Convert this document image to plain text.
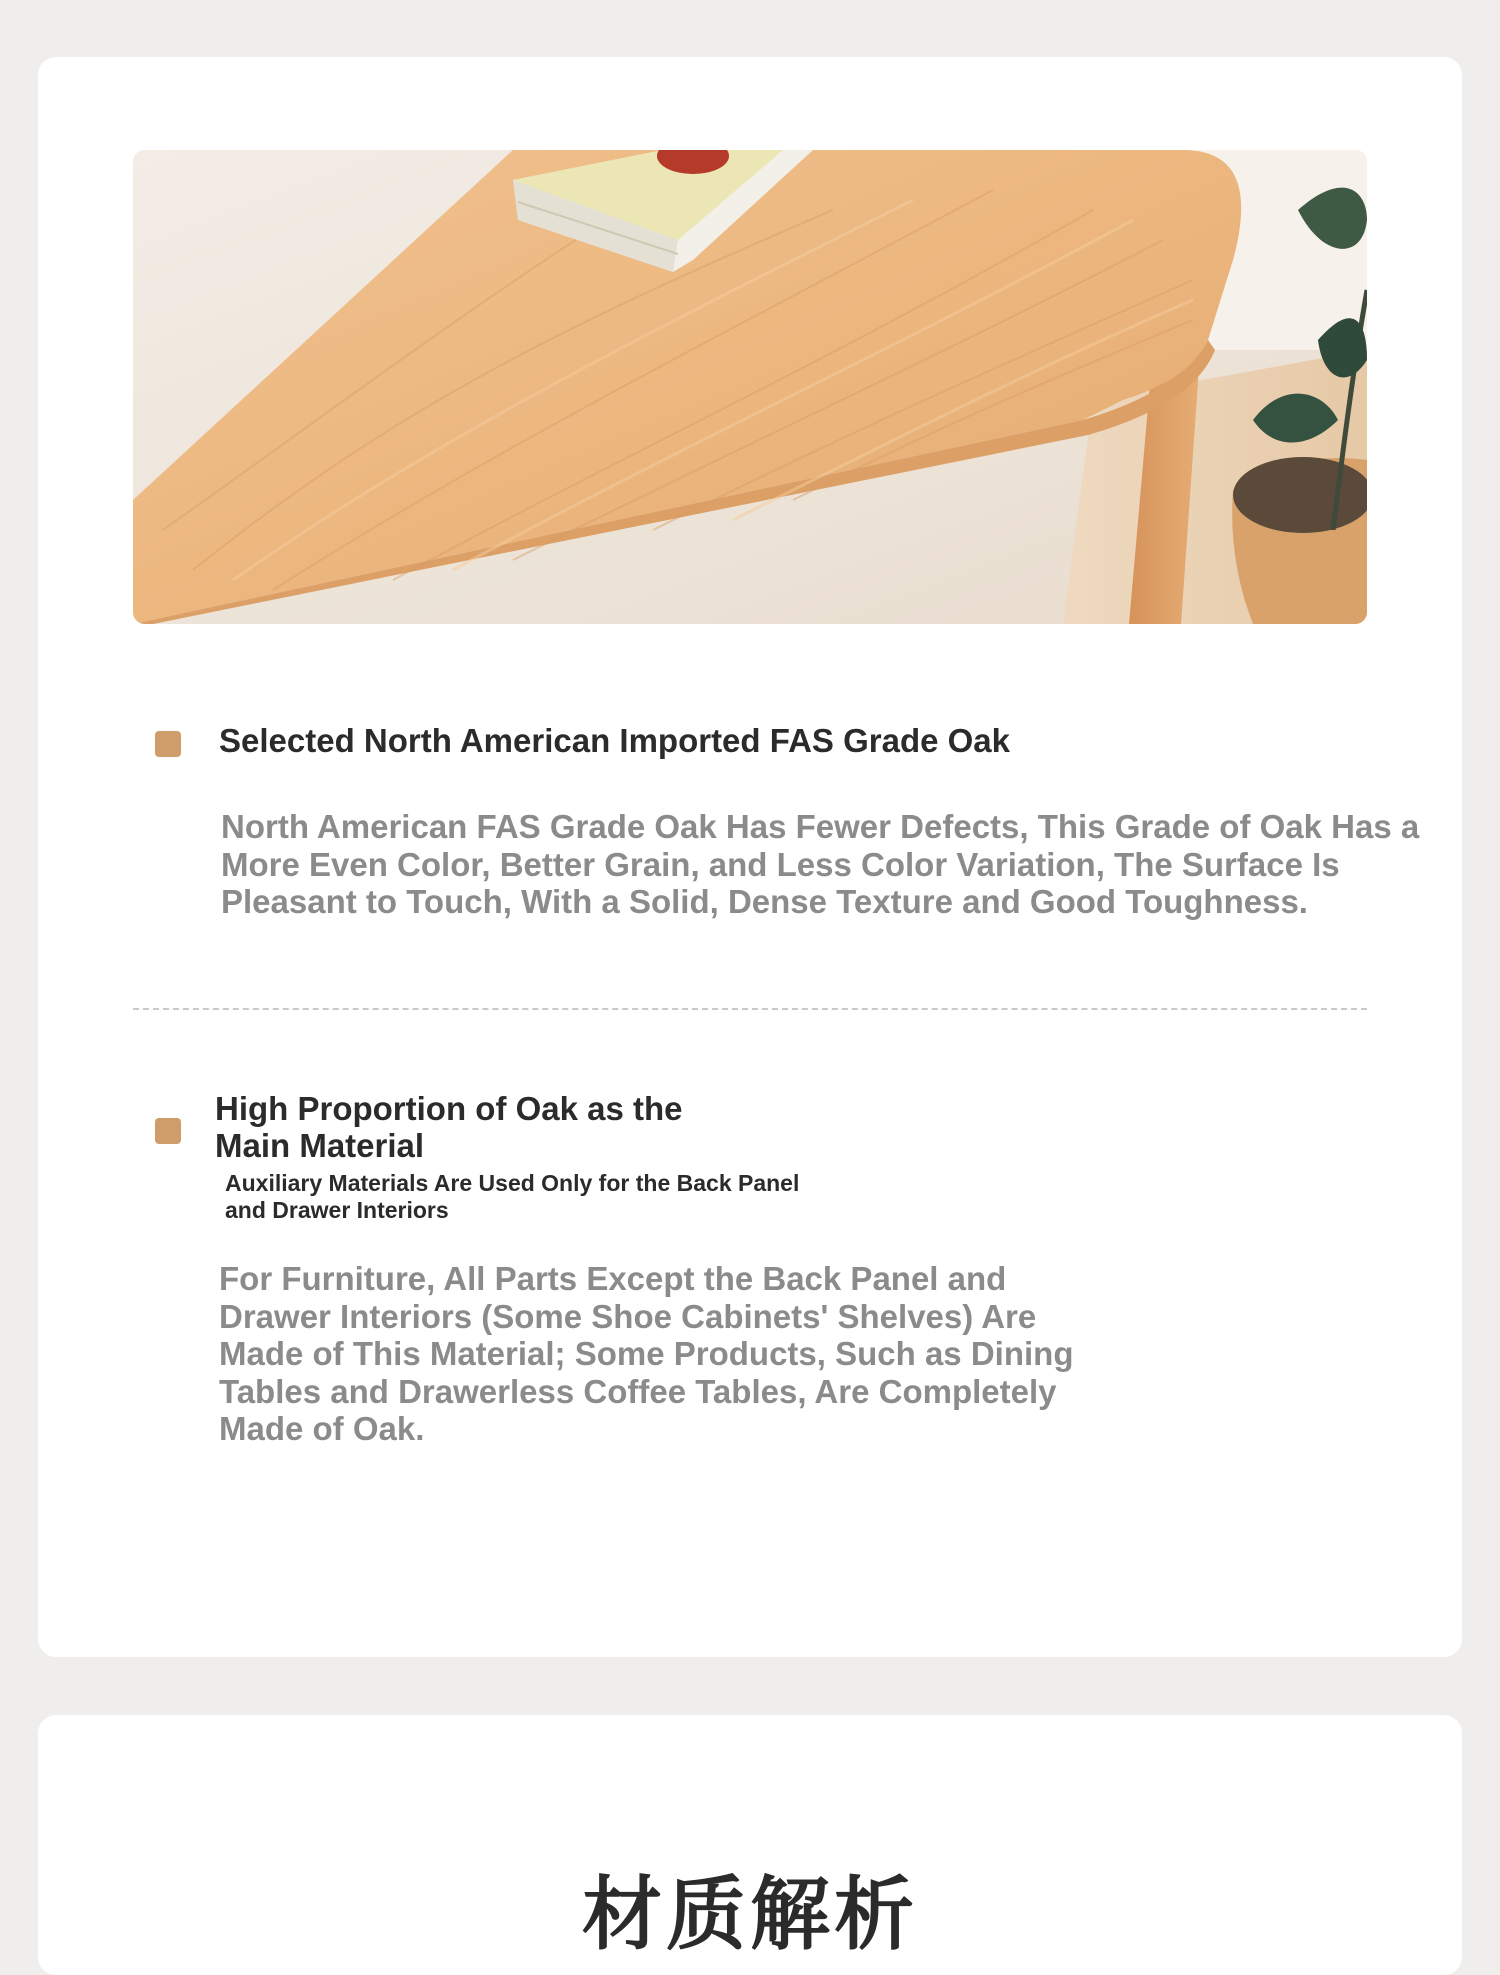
Selected North American Imported FAS Grade Oak

North American FAS Grade Oak Has Fewer Defects, This Grade of Oak Has a More Even Color, Better Grain, and Less Color Variation, The Surface Is Pleasant to Touch, With a Solid, Dense Texture and Good Toughness.

High Proportion of Oak as the Main Material

Auxiliary Materials Are Used Only for the Back Panel and Drawer Interiors

For Furniture, All Parts Except the Back Panel and Drawer Interiors (Some Shoe Cabinets' Shelves) Are Made of This Material; Some Products, Such as Dining Tables and Drawerless Coffee Tables, Are Completely Made of Oak.

材质解析
